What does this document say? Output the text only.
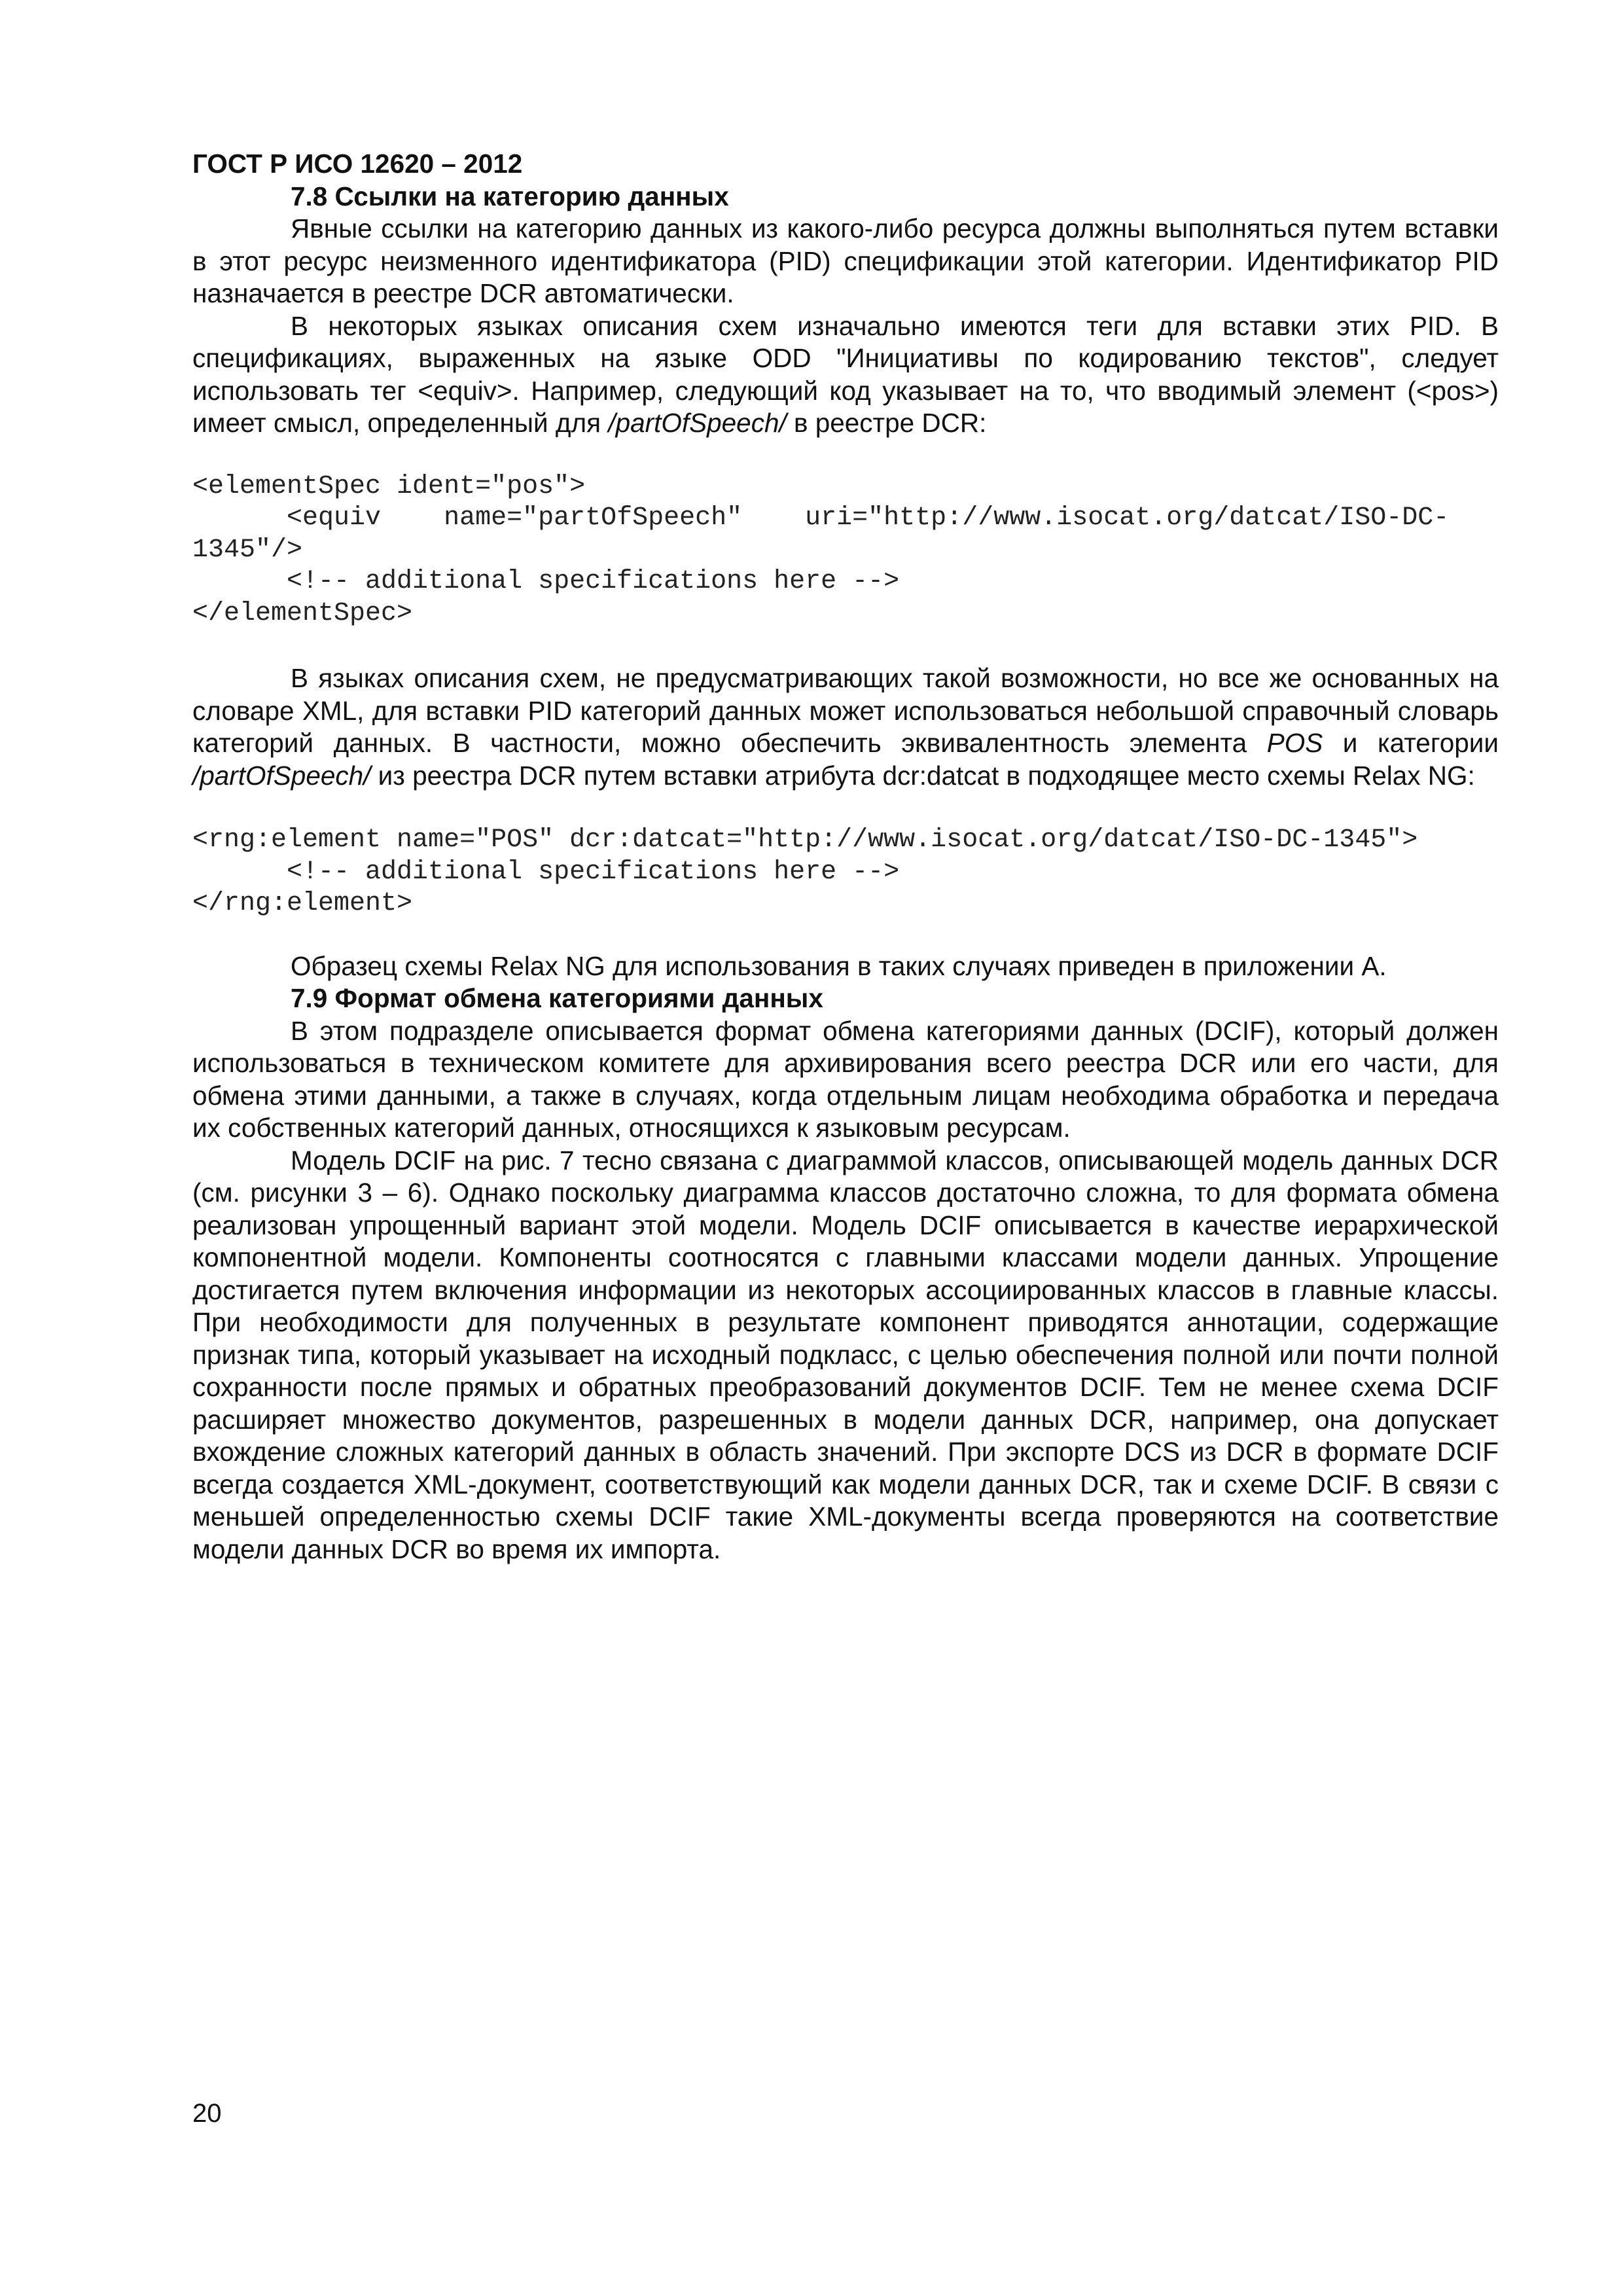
ГОСТ Р ИСО 12620 – 2012

7.8 Ссылки на категорию данных

Явные ссылки на категорию данных из какого-либо ресурса должны выполняться путем вставки в этот ресурс неизменного идентификатора (PID) спецификации этой категории. Идентификатор PID назначается в реестре DCR автоматически.

В некоторых языках описания схем изначально имеются теги для вставки этих PID. В спецификациях, выраженных на языке ODD "Инициативы по кодированию текстов", следует использовать тег <equiv>. Например, следующий код указывает на то, что вводимый элемент (<pos>) имеет смысл, определенный для /partOfSpeech/ в реестре DCR:

<elementSpec ident="pos">
<equiv    name="partOfSpeech"    uri="http://www.isocat.org/datcat/ISO-DC-
1345"/>
<!-- additional specifications here -->
</elementSpec>

В языках описания схем, не предусматривающих такой возможности, но все же основанных на словаре XML, для вставки PID категорий данных может использоваться небольшой справочный словарь категорий данных. В частности, можно обеспечить эквивалентность элемента POS и категории /partOfSpeech/ из реестра DCR путем вставки атрибута dcr:datcat в подходящее место схемы Relax NG:

<rng:element name="POS" dcr:datcat="http://www.isocat.org/datcat/ISO-DC-1345">
<!-- additional specifications here -->
</rng:element>

Образец схемы Relax NG для использования в таких случаях приведен в приложении А.

7.9 Формат обмена категориями данных

В этом подразделе описывается формат обмена категориями данных (DCIF), который должен использоваться в техническом комитете для архивирования всего реестра DCR или его части, для обмена этими данными, а также в случаях, когда отдельным лицам необходима обработка и передача их собственных категорий данных, относящихся к языковым ресурсам.

Модель DCIF на рис. 7 тесно связана с диаграммой классов, описывающей модель данных DCR (см. рисунки 3 – 6). Однако поскольку диаграмма классов достаточно сложна, то для формата обмена реализован упрощенный вариант этой модели. Модель DCIF описывается в качестве иерархической компонентной модели. Компоненты соотносятся с главными классами модели данных. Упрощение достигается путем включения информации из некоторых ассоциированных классов в главные классы. При необходимости для полученных в результате компонент приводятся аннотации, содержащие признак типа, который указывает на исходный подкласс, с целью обеспечения полной или почти полной сохранности после прямых и обратных преобразований документов DCIF. Тем не менее схема DCIF расширяет множество документов, разрешенных в модели данных DCR, например, она допускает вхождение сложных категорий данных в область значений. При экспорте DCS из DCR в формате DCIF всегда создается XML-документ, соответствующий как модели данных DCR, так и схеме DCIF. В связи с меньшей определенностью схемы DCIF такие XML-документы всегда проверяются на соответствие модели данных DCR во время их импорта.

20
